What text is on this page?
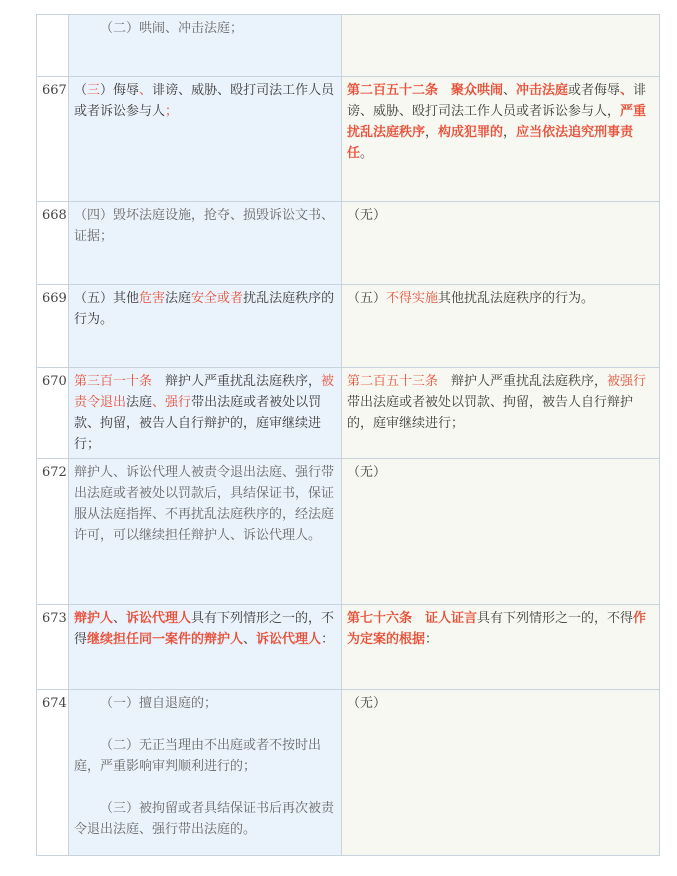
	（二）哄闹、冲击法庭；	

667	（三）侮辱、诽谤、威胁、殴打司法工作人员或者诉讼参与人；	第二百五十二条　聚众哄闹、冲击法庭或者侮辱、诽谤、威胁、殴打司法工作人员或者诉讼参与人，严重扰乱法庭秩序，构成犯罪的，应当依法追究刑事责任。
668	（四）毁坏法庭设施，抢夺、损毁诉讼文书、证据；	（无）
669	（五）其他危害法庭安全或者扰乱法庭秩序的行为。	（五）不得实施其他扰乱法庭秩序的行为。
670	第三百一十条　辩护人严重扰乱法庭秩序，被责令退出法庭、强行带出法庭或者被处以罚款、拘留，被告人自行辩护的，庭审继续进行；	第二百五十三条　辩护人严重扰乱法庭秩序，被强行带出法庭或者被处以罚款、拘留，被告人自行辩护的，庭审继续进行；
672	辩护人、诉讼代理人被责令退出法庭、强行带出法庭或者被处以罚款后，具结保证书，保证服从法庭指挥、不再扰乱法庭秩序的，经法庭许可，可以继续担任辩护人、诉讼代理人。	（无）
673	辩护人、诉讼代理人具有下列情形之一的，不得继续担任同一案件的辩护人、诉讼代理人：	第七十六条　证人证言具有下列情形之一的，不得作为定案的根据：
674	（一）擅自退庭的；

（二）无正当理由不出庭或者不按时出庭，严重影响审判顺利进行的；

（三）被拘留或者具结保证书后再次被责令退出法庭、强行带出法庭的。	（无）
